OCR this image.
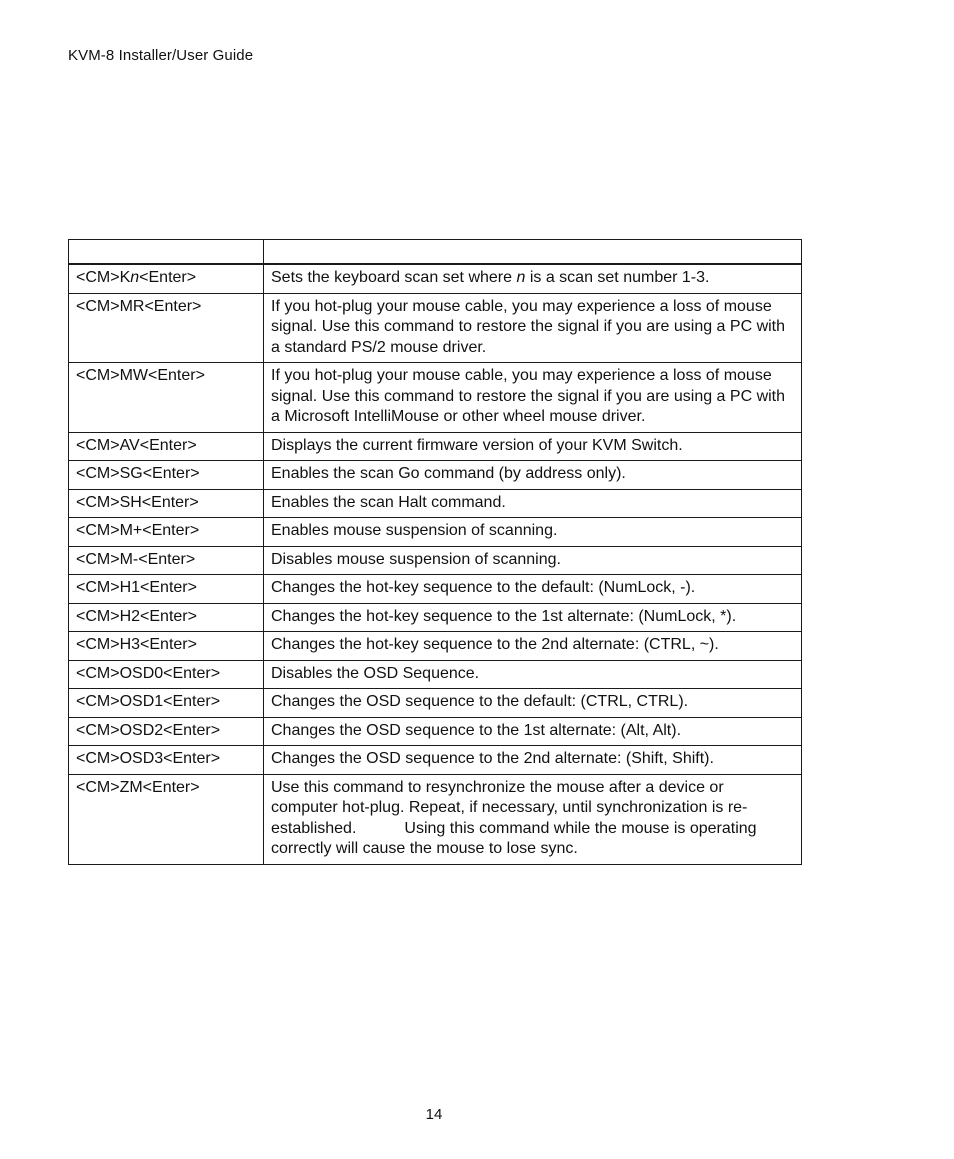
KVM-8 Installer/User Guide

<CM>Kn<Enter>	Sets the keyboard scan set where n is a scan set number 1-3.
<CM>MR<Enter>	If you hot-plug your mouse cable, you may experience a loss of mouse signal. Use this command to restore the signal if you are using a PC with a standard PS/2 mouse driver.
<CM>MW<Enter>	If you hot-plug your mouse cable, you may experience a loss of mouse signal. Use this command to restore the signal if you are using a PC with a Microsoft IntelliMouse or other wheel mouse driver.
<CM>AV<Enter>	Displays the current firmware version of your KVM Switch.
<CM>SG<Enter>	Enables the scan Go command (by address only).
<CM>SH<Enter>	Enables the scan Halt command.
<CM>M+<Enter>	Enables mouse suspension of scanning.
<CM>M-<Enter>	Disables mouse suspension of scanning.
<CM>H1<Enter>	Changes the hot-key sequence to the default: (NumLock, -).
<CM>H2<Enter>	Changes the hot-key sequence to the 1st alternate: (NumLock, *).
<CM>H3<Enter>	Changes the hot-key sequence to the 2nd alternate: (CTRL, ~).
<CM>OSD0<Enter>	Disables the OSD Sequence.
<CM>OSD1<Enter>	Changes the OSD sequence to the default: (CTRL, CTRL).
<CM>OSD2<Enter>	Changes the OSD sequence to the 1st alternate: (Alt, Alt).
<CM>OSD3<Enter>	Changes the OSD sequence to the 2nd alternate: (Shift, Shift).
<CM>ZM<Enter>	Use this command to resynchronize the mouse after a device or
computer hot-plug. Repeat, if necessary, until synchronization is re-
established. Using this command while the mouse is operating
correctly will cause the mouse to lose sync.
14
